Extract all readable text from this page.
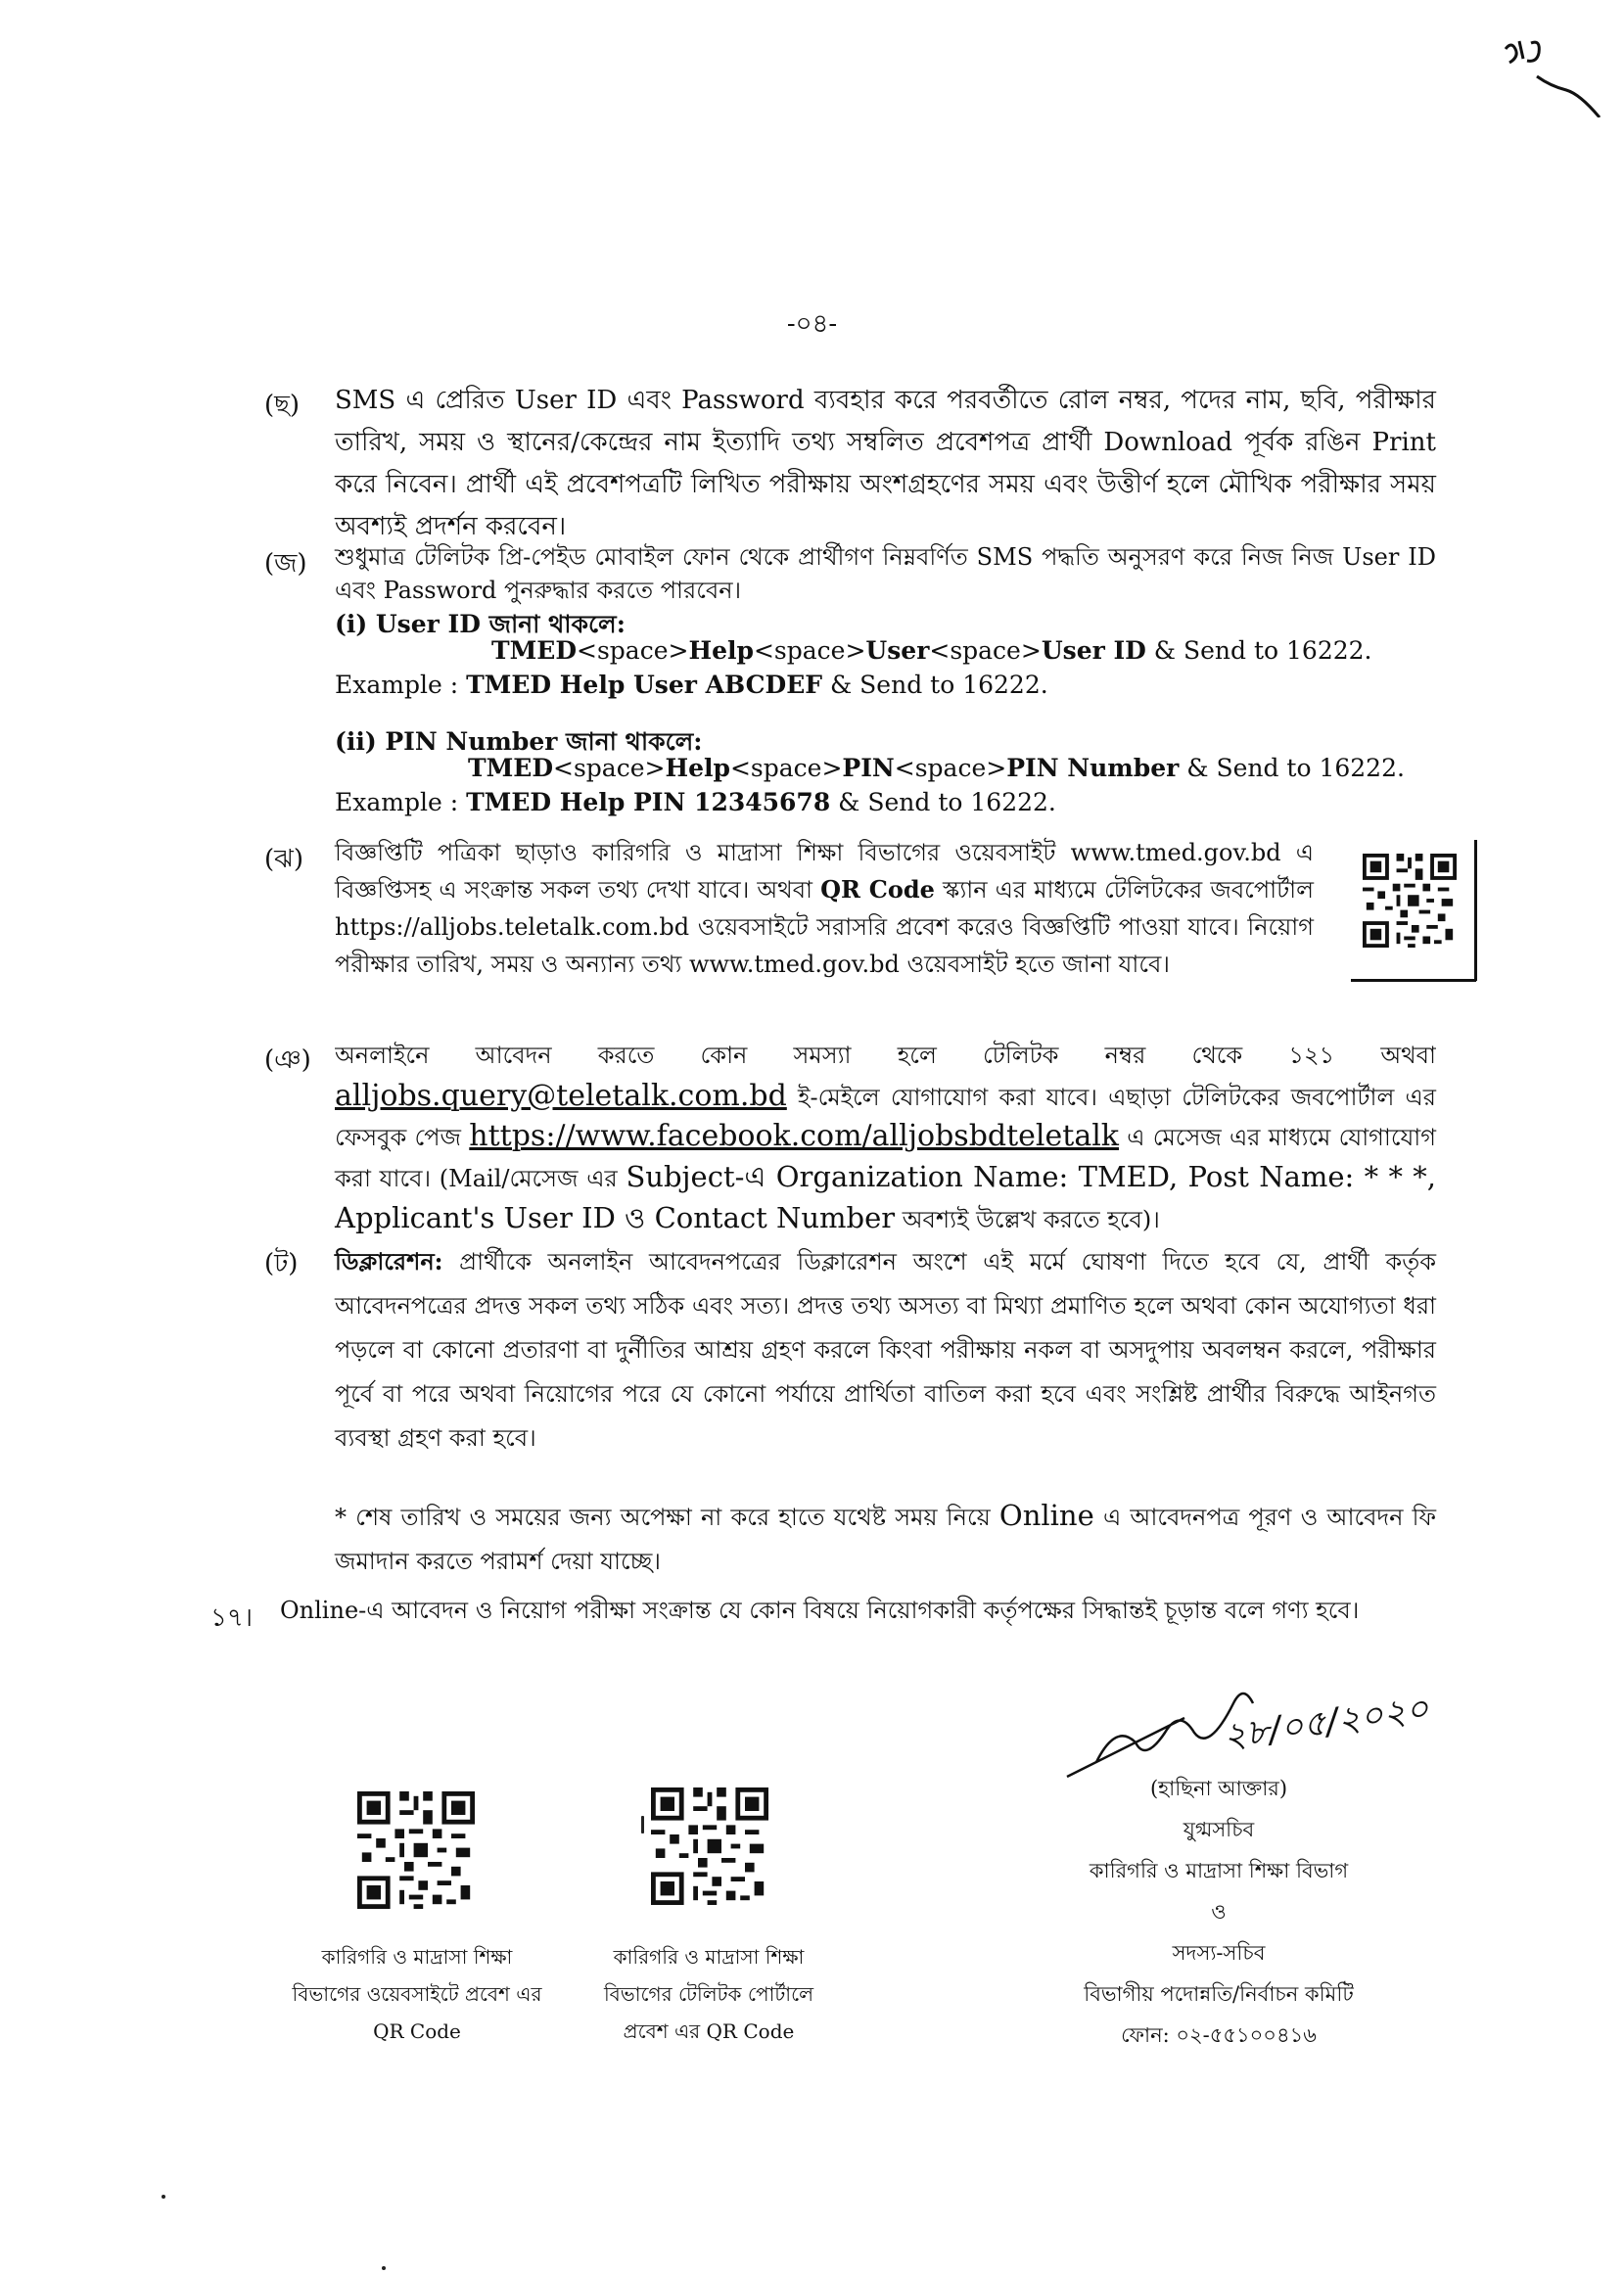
-০৪-
(ছ)	SMS এ প্রেরিত User ID এবং Password ব্যবহার করে পরবর্তীতে রোল নম্বর, পদের নাম, ছবি, পরীক্ষার তারিখ, সময় ও স্থানের/কেন্দ্রের নাম ইত্যাদি তথ্য সম্বলিত প্রবেশপত্র প্রার্থী Download পূর্বক রঙিন Print করে নিবেন। প্রার্থী এই প্রবেশপত্রটি লিখিত পরীক্ষায় অংশগ্রহণের সময় এবং উত্তীর্ণ হলে মৌখিক পরীক্ষার সময় অবশ্যই প্রদর্শন করবেন।
(জ)	শুধুমাত্র টেলিটক প্রি-পেইড মোবাইল ফোন থেকে প্রার্থীগণ নিম্নবর্ণিত SMS পদ্ধতি অনুসরণ করে নিজ নিজ User ID এবং Password পুনরুদ্ধার করতে পারবেন।
(i) User ID জানা থাকলে:
TMED<space>Help<space>User<space>User ID & Send to 16222.
Example : TMED Help User ABCDEF & Send to 16222.
(ii) PIN Number জানা থাকলে:
TMED<space>Help<space>PIN<space>PIN Number & Send to 16222.
Example : TMED Help PIN 12345678 & Send to 16222.
(ঝ)	বিজ্ঞপ্তিটি পত্রিকা ছাড়াও কারিগরি ও মাদ্রাসা শিক্ষা বিভাগের ওয়েবসাইট www.tmed.gov.bd এ বিজ্ঞপ্তিসহ এ সংক্রান্ত সকল তথ্য দেখা যাবে। অথবা QR Code স্ক্যান এর মাধ্যমে টেলিটকের জবপোর্টাল https://alljobs.teletalk.com.bd ওয়েবসাইটে সরাসরি প্রবেশ করেও বিজ্ঞপ্তিটি পাওয়া যাবে। নিয়োগ পরীক্ষার তারিখ, সময় ও অন্যান্য তথ্য www.tmed.gov.bd ওয়েবসাইট হতে জানা যাবে।
(ঞ)	অনলাইনে আবেদন করতে কোন সমস্যা হলে টেলিটক নম্বর থেকে ১২১ অথবা
alljobs.query@teletalk.com.bd ই-মেইলে যোগাযোগ করা যাবে। এছাড়া টেলিটকের জবপোর্টাল এর ফেসবুক পেজ https://www.facebook.com/alljobsbdteletalk এ মেসেজ এর মাধ্যমে যোগাযোগ করা যাবে। (Mail/মেসেজ এর Subject-এ Organization Name: TMED, Post Name: * * *, Applicant's User ID ও Contact Number অবশ্যই উল্লেখ করতে হবে)।
(ট)	ডিক্লারেশন: প্রার্থীকে অনলাইন আবেদনপত্রের ডিক্লারেশন অংশে এই মর্মে ঘোষণা দিতে হবে যে, প্রার্থী কর্তৃক আবেদনপত্রের প্রদত্ত সকল তথ্য সঠিক এবং সত্য। প্রদত্ত তথ্য অসত্য বা মিথ্যা প্রমাণিত হলে অথবা কোন অযোগ্যতা ধরা পড়লে বা কোনো প্রতারণা বা দুর্নীতির আশ্রয় গ্রহণ করলে কিংবা পরীক্ষায় নকল বা অসদুপায় অবলম্বন করলে, পরীক্ষার পূর্বে বা পরে অথবা নিয়োগের পরে যে কোনো পর্যায়ে প্রার্থিতা বাতিল করা হবে এবং সংশ্লিষ্ট প্রার্থীর বিরুদ্ধে আইনগত ব্যবস্থা গ্রহণ করা হবে।
* শেষ তারিখ ও সময়ের জন্য অপেক্ষা না করে হাতে যথেষ্ট সময় নিয়ে Online এ আবেদনপত্র পূরণ ও আবেদন ফি জমাদান করতে পরামর্শ দেয়া যাচ্ছে।
১৭।	Online-এ আবেদন ও নিয়োগ পরীক্ষা সংক্রান্ত যে কোন বিষয়ে নিয়োগকারী কর্তৃপক্ষের সিদ্ধান্তই চূড়ান্ত বলে গণ্য হবে।
২৮/০৫/২০২০
(হাছিনা আক্তার)
যুগ্মসচিব
কারিগরি ও মাদ্রাসা শিক্ষা বিভাগ
ও
সদস্য-সচিব
বিভাগীয় পদোন্নতি/নির্বাচন কমিটি
ফোন: ০২-৫৫১০০৪১৬
কারিগরি ও মাদ্রাসা শিক্ষা
বিভাগের ওয়েবসাইটে প্রবেশ এর
QR Code
কারিগরি ও মাদ্রাসা শিক্ষা
বিভাগের টেলিটক পোর্টালে
প্রবেশ এর QR Code
